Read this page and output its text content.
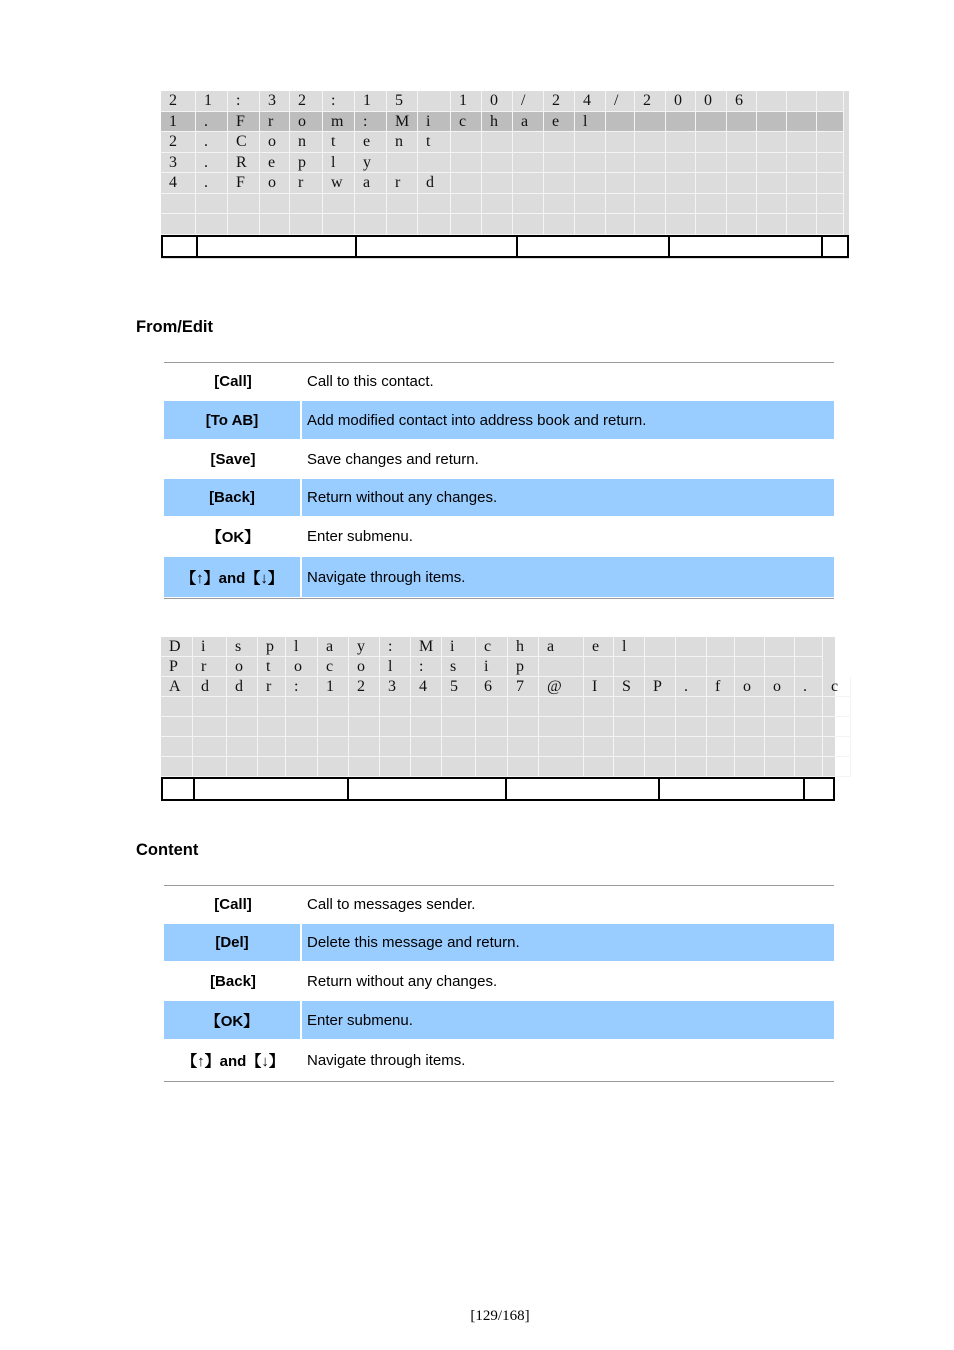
2	1	:	3	2	:	1	5	1	0	/	2	4	/	2	0	0	6
1	.	F	r	o	m	:	M	i	c	h	a	e	l
2	.	C	o	n	t	e	n	t
3	.	R	e	p	l	y
4	.	F	o	r	w	a	r	d
From/Edit
[Call]	Call to this contact.
[To AB]	Add modified contact into address book and return.
[Save]	Save changes and return.
[Back]	Return without any changes.
【OK】	Enter submenu.
【↑】and【↓】	Navigate through items.
D	i	s	p	l	a	y	:	M	i	c	h	a	e	l
P	r	o	t	o	c	o	l	:	s	i	p
A	d	d	r	:	1	2	3	4	5	6	7	@	I	S	P	.	f	o	o	.	c
Content
[Call]	Call to messages sender.
[Del]	Delete this message and return.
[Back]	Return without any changes.
【OK】	Enter submenu.
【↑】and【↓】	Navigate through items.
[129/168]
